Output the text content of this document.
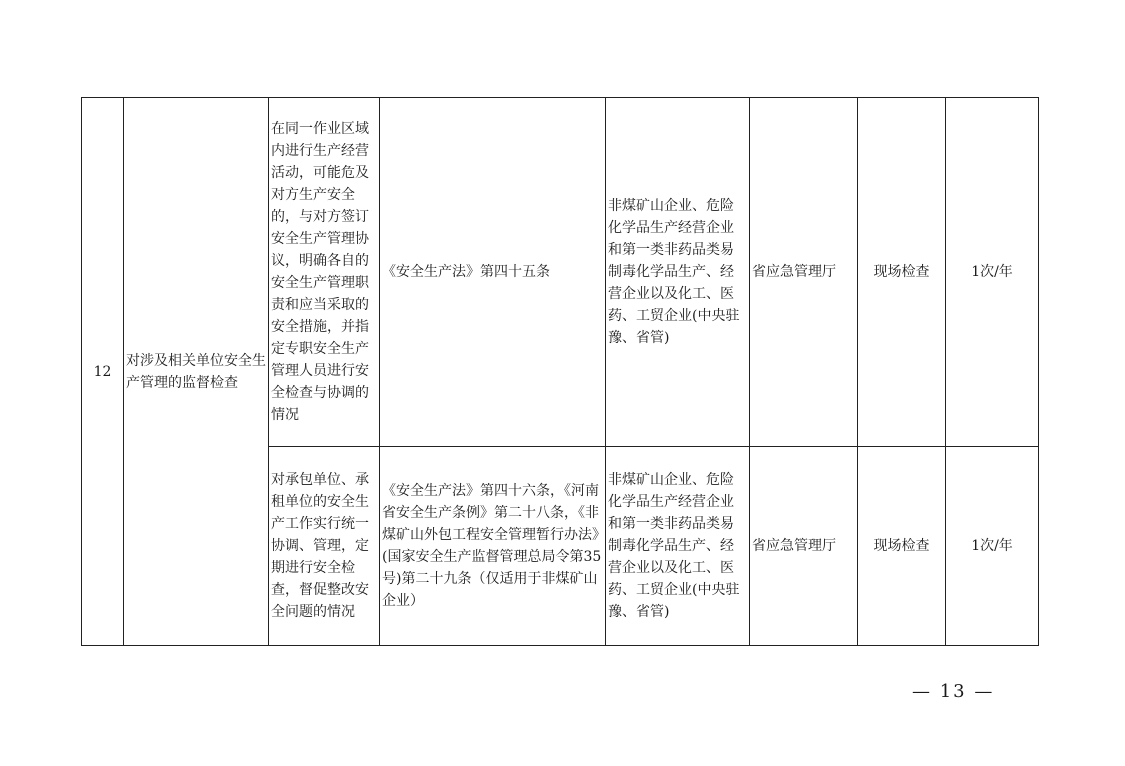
12	对涉及相关单位安全生产管理的监督检查	在同一作业区域内进行生产经营活动，可能危及对方生产安全的，与对方签订安全生产管理协议，明确各自的安全生产管理职责和应当采取的安全措施，并指定专职安全生产管理人员进行安全检查与协调的情况	《安全生产法》第四十五条	非煤矿山企业、危险化学品生产经营企业和第一类非药品类易制毒化学品生产、经营企业以及化工、医药、工贸企业(中央驻豫、省管)	省应急管理厅	现场检查	1次/年
		对承包单位、承租单位的安全生产工作实行统一协调、管理，定期进行安全检查，督促整改安全问题的情况	《安全生产法》第四十六条，《河南省安全生产条例》第二十八条，《非煤矿山外包工程安全管理暂行办法》(国家安全生产监督管理总局令第35号)第二十九条（仅适用于非煤矿山企业）	非煤矿山企业、危险化学品生产经营企业和第一类非药品类易制毒化学品生产、经营企业以及化工、医药、工贸企业(中央驻豫、省管)	省应急管理厅	现场检查	1次/年
— 13 —
